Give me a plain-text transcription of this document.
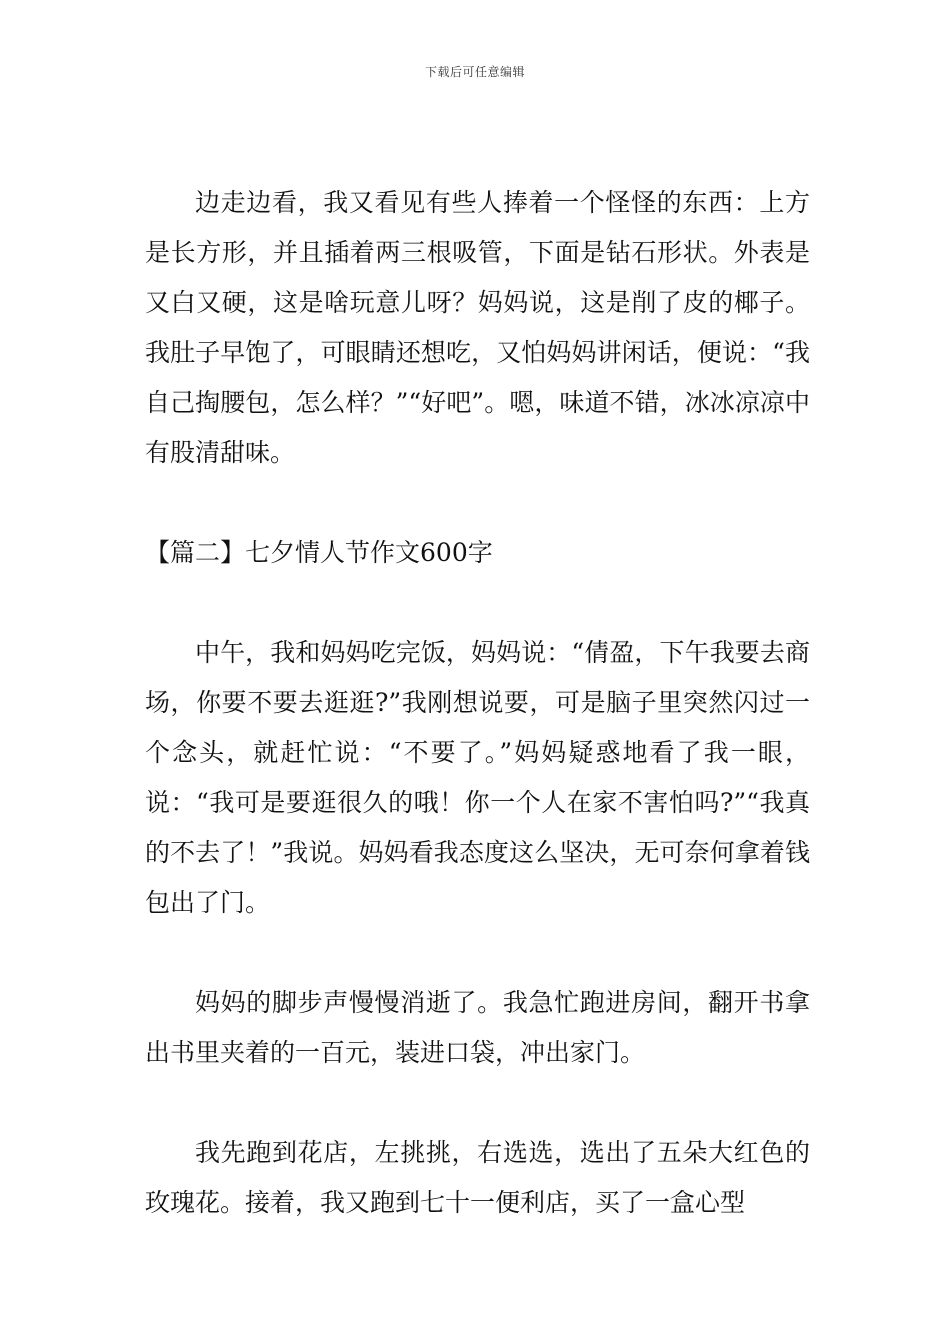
下载后可任意编辑

边走边看，我又看见有些人捧着一个怪怪的东西：上方是长方形，并且插着两三根吸管，下面是钻石形状。外表是又白又硬，这是啥玩意儿呀？妈妈说，这是削了皮的椰子。我肚子早饱了，可眼睛还想吃，又怕妈妈讲闲话，便说：“我自己掏腰包，怎么样？”“好吧”。嗯，味道不错，冰冰凉凉中有股清甜味。

【篇二】七夕情人节作文600字

中午，我和妈妈吃完饭，妈妈说：“倩盈，下午我要去商场，你要不要去逛逛?”我刚想说要，可是脑子里突然闪过一个念头，就赶忙说：“不要了。”妈妈疑惑地看了我一眼，说：“我可是要逛很久的哦！你一个人在家不害怕吗?”“我真的不去了！”我说。妈妈看我态度这么坚决，无可奈何拿着钱包出了门。

妈妈的脚步声慢慢消逝了。我急忙跑进房间，翻开书拿出书里夹着的一百元，装进口袋，冲出家门。

我先跑到花店，左挑挑，右选选，选出了五朵大红色的玫瑰花。接着，我又跑到七十一便利店，买了一盒心型
